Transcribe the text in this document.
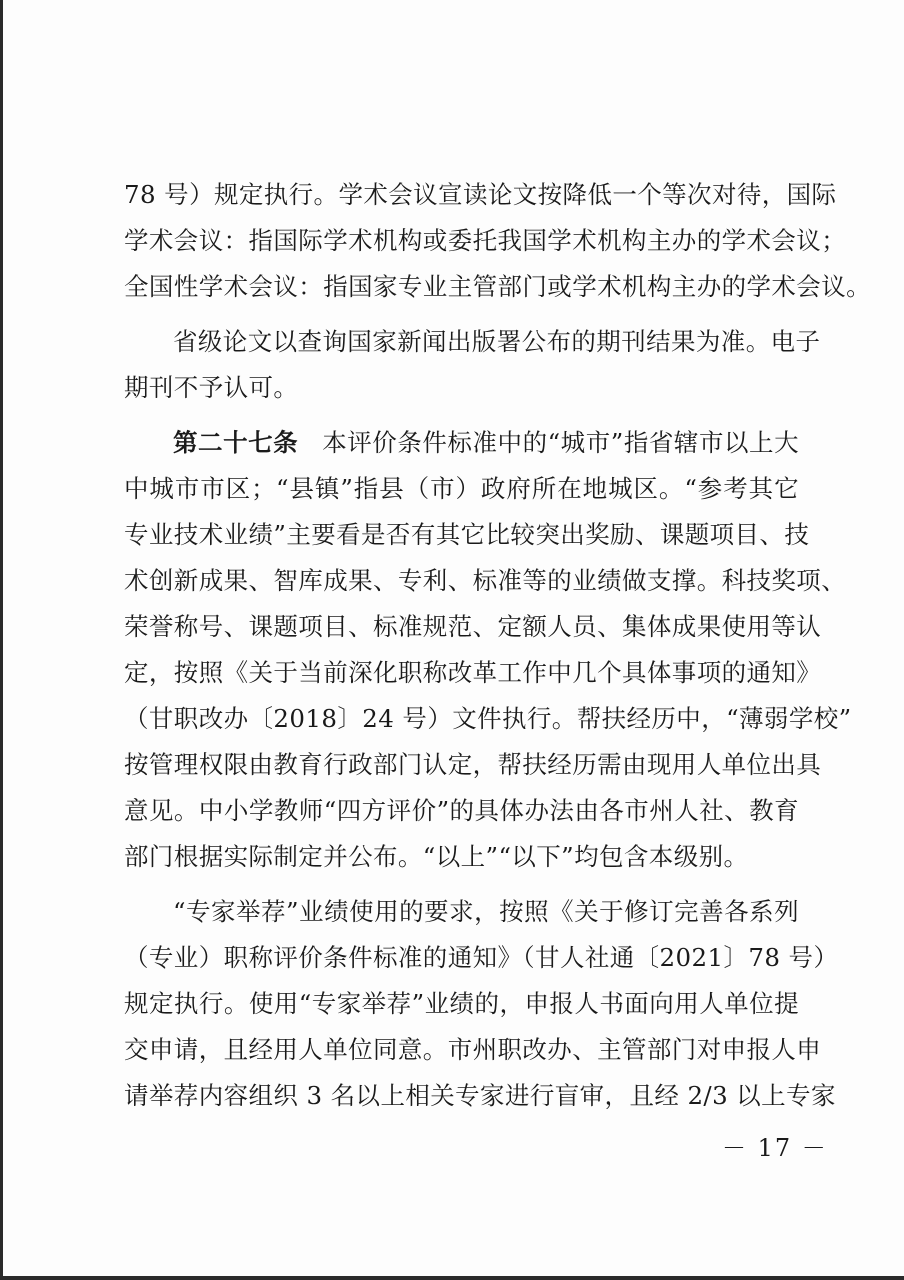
78 号）规定执行。学术会议宣读论文按降低一个等次对待，国际
学术会议：指国际学术机构或委托我国学术机构主办的学术会议；
全国性学术会议：指国家专业主管部门或学术机构主办的学术会议。
省级论文以查询国家新闻出版署公布的期刊结果为准。电子
期刊不予认可。
第二十七条 本评价条件标准中的“城市”指省辖市以上大
中城市市区；“县镇”指县（市）政府所在地城区。“参考其它
专业技术业绩”主要看是否有其它比较突出奖励、课题项目、技
术创新成果、智库成果、专利、标准等的业绩做支撑。科技奖项、
荣誉称号、课题项目、标准规范、定额人员、集体成果使用等认
定，按照《关于当前深化职称改革工作中几个具体事项的通知》
（甘职改办〔2018〕24 号）文件执行。帮扶经历中，“薄弱学校”
按管理权限由教育行政部门认定，帮扶经历需由现用人单位出具
意见。中小学教师“四方评价”的具体办法由各市州人社、教育
部门根据实际制定并公布。“以上”“以下”均包含本级别。
“专家举荐”业绩使用的要求，按照《关于修订完善各系列
（专业）职称评价条件标准的通知》（甘人社通〔2021〕78 号）
规定执行。使用“专家举荐”业绩的，申报人书面向用人单位提
交申请，且经用人单位同意。市州职改办、主管部门对申报人申
请举荐内容组织 3 名以上相关专家进行盲审，且经 2/3 以上专家
－ 17 －
